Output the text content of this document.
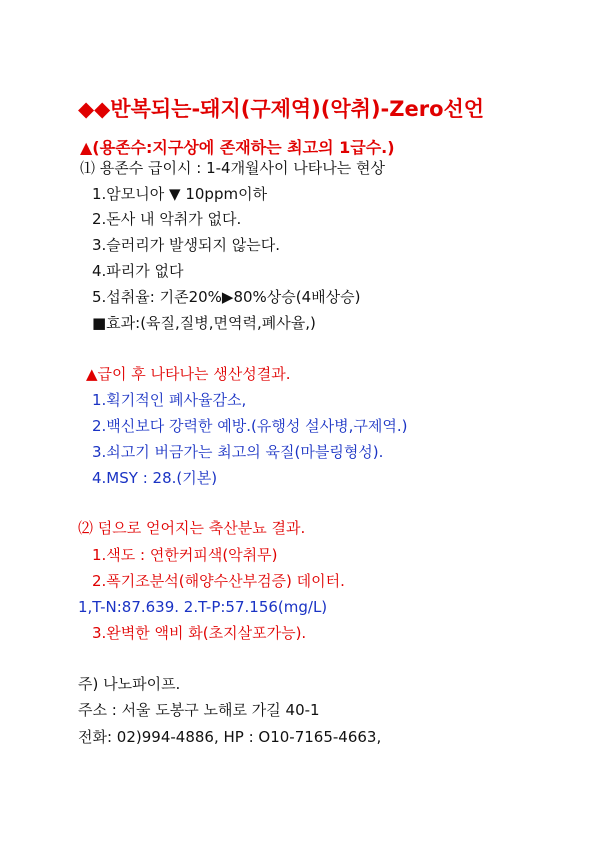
◆◆반복되는-돼지(구제역)(악취)-Zero선언
▲(용존수:지구상에 존재하는 최고의 1급수.)
⑴ 용존수 급이시 : 1-4개월사이 나타나는 현상
1.암모니아 ▼ 10ppm이하
2.돈사 내 악취가 없다.
3.슬러리가 발생되지 않는다.
4.파리가 없다
5.섭취율: 기존20%▶80%상승(4배상승)
■효과:(육질,질병,면역력,폐사율,)
▲급이 후 나타나는 생산성결과.
1.획기적인 폐사율감소,
2.백신보다 강력한 예방.(유행성 설사병,구제역.)
3.쇠고기 버금가는 최고의 육질(마블링형성).
4.MSY : 28.(기본)
⑵ 덤으로 얻어지는 축산분뇨 결과.
1.색도 : 연한커피색(악취무)
2.폭기조분석(해양수산부검증) 데이터.
1,T-N:87.639. 2.T-P:57.156(mg/L)
3.완벽한 액비 화(초지살포가능).
주) 나노파이프.
주소 : 서울 도봉구 노해로 가길 40-1
전화: 02)994-4886, HP : O10-7165-4663,
